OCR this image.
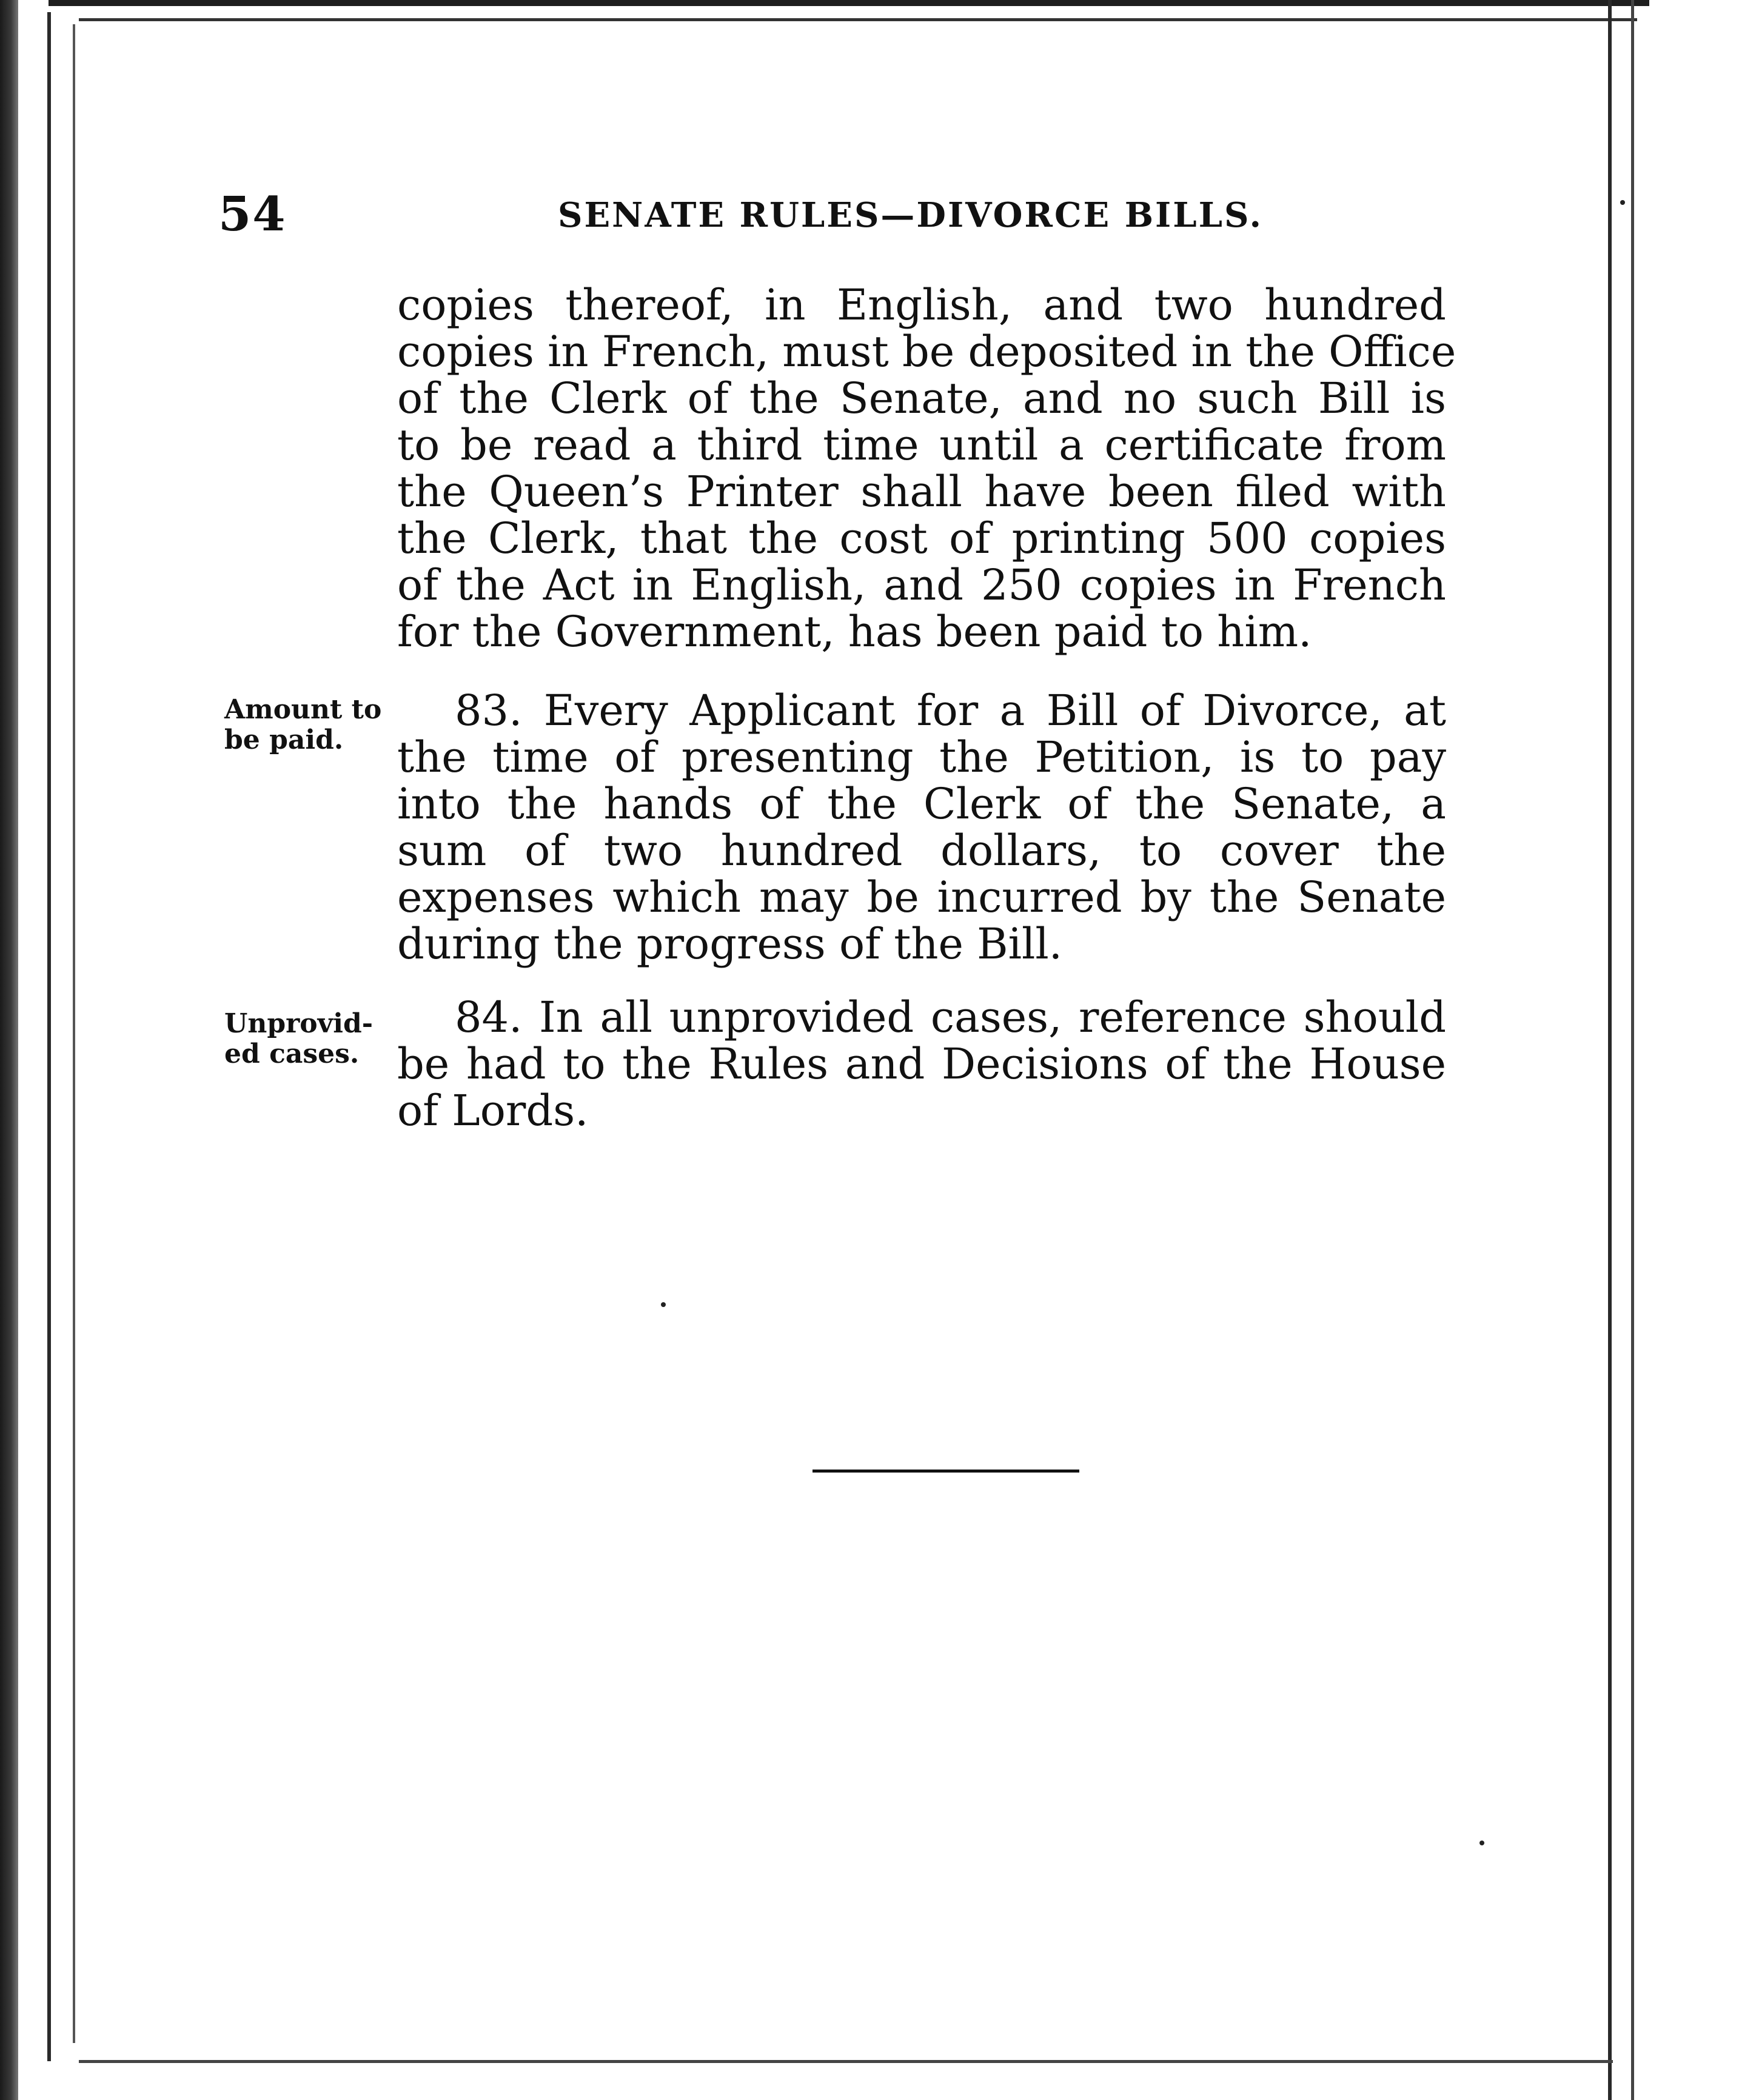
54	SENATE RULES—DIVORCE BILLS.
copies thereof, in English, and two hundred
copies in French, must be deposited in the Office
of the Clerk of the Senate, and no such Bill is
to be read a third time until a certificate from
the Queen’s Printer shall have been filed with
the Clerk, that the cost of printing 500 copies
of the Act in English, and 250 copies in French
for the Government, has been paid to him.
Amount to
be paid.
83. Every Applicant for a Bill of Divorce, at
the time of presenting the Petition, is to pay
into the hands of the Clerk of the Senate, a
sum of two hundred dollars, to cover the
expenses which may be incurred by the Senate
during the progress of the Bill.
Unprovid-
ed cases.
84. In all unprovided cases, reference should
be had to the Rules and Decisions of the House
of Lords.
